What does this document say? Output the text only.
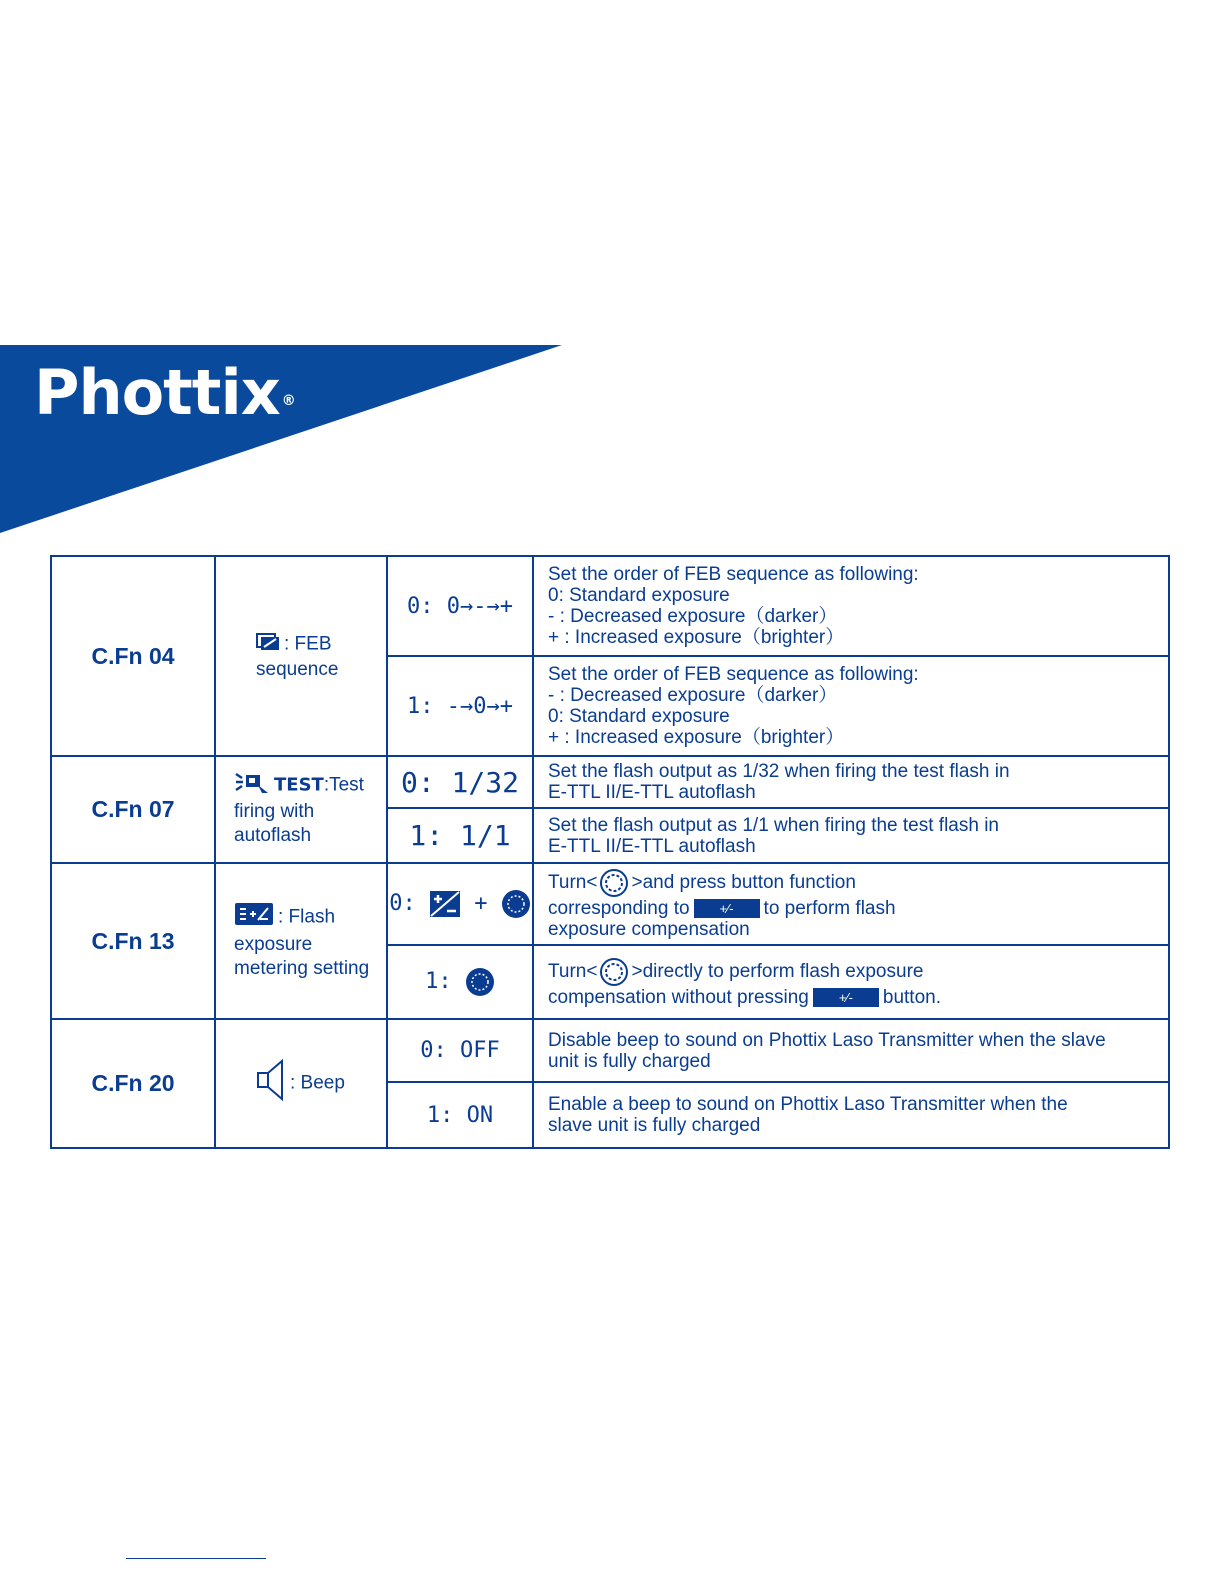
Phottix ®
C.Fn 04	: FEB
sequence	0: 0→-→+	Set the order of FEB sequence as following:
0: Standard exposure
- : Decreased exposure（darker）
+ : Increased exposure（brighter）

		1: -→0→+	Set the order of FEB sequence as following:
- : Decreased exposure（darker）
0: Standard exposure
+ : Increased exposure（brighter）

C.Fn 07	TEST:Test
firing with
autoflash	0: 1/32	Set the flash output as 1/32 when firing the test flash in
E-TTL II/E-TTL autoflash

		1: 1/1	Set the flash output as 1/1 when firing the test flash in
E-TTL II/E-TTL autoflash

C.Fn 13	: Flash
exposure
metering setting	0: +	Turn< >and press button function
corresponding to +⁄- to perform flash
exposure compensation

		1:	Turn< >directly to perform flash exposure
compensation without pressing +⁄- button.

C.Fn 20	: Beep	0: OFF	Disable beep to sound on Phottix Laso Transmitter when the slave
unit is fully charged

		1: ON	Enable a beep to sound on Phottix Laso Transmitter when the
slave unit is fully charged
